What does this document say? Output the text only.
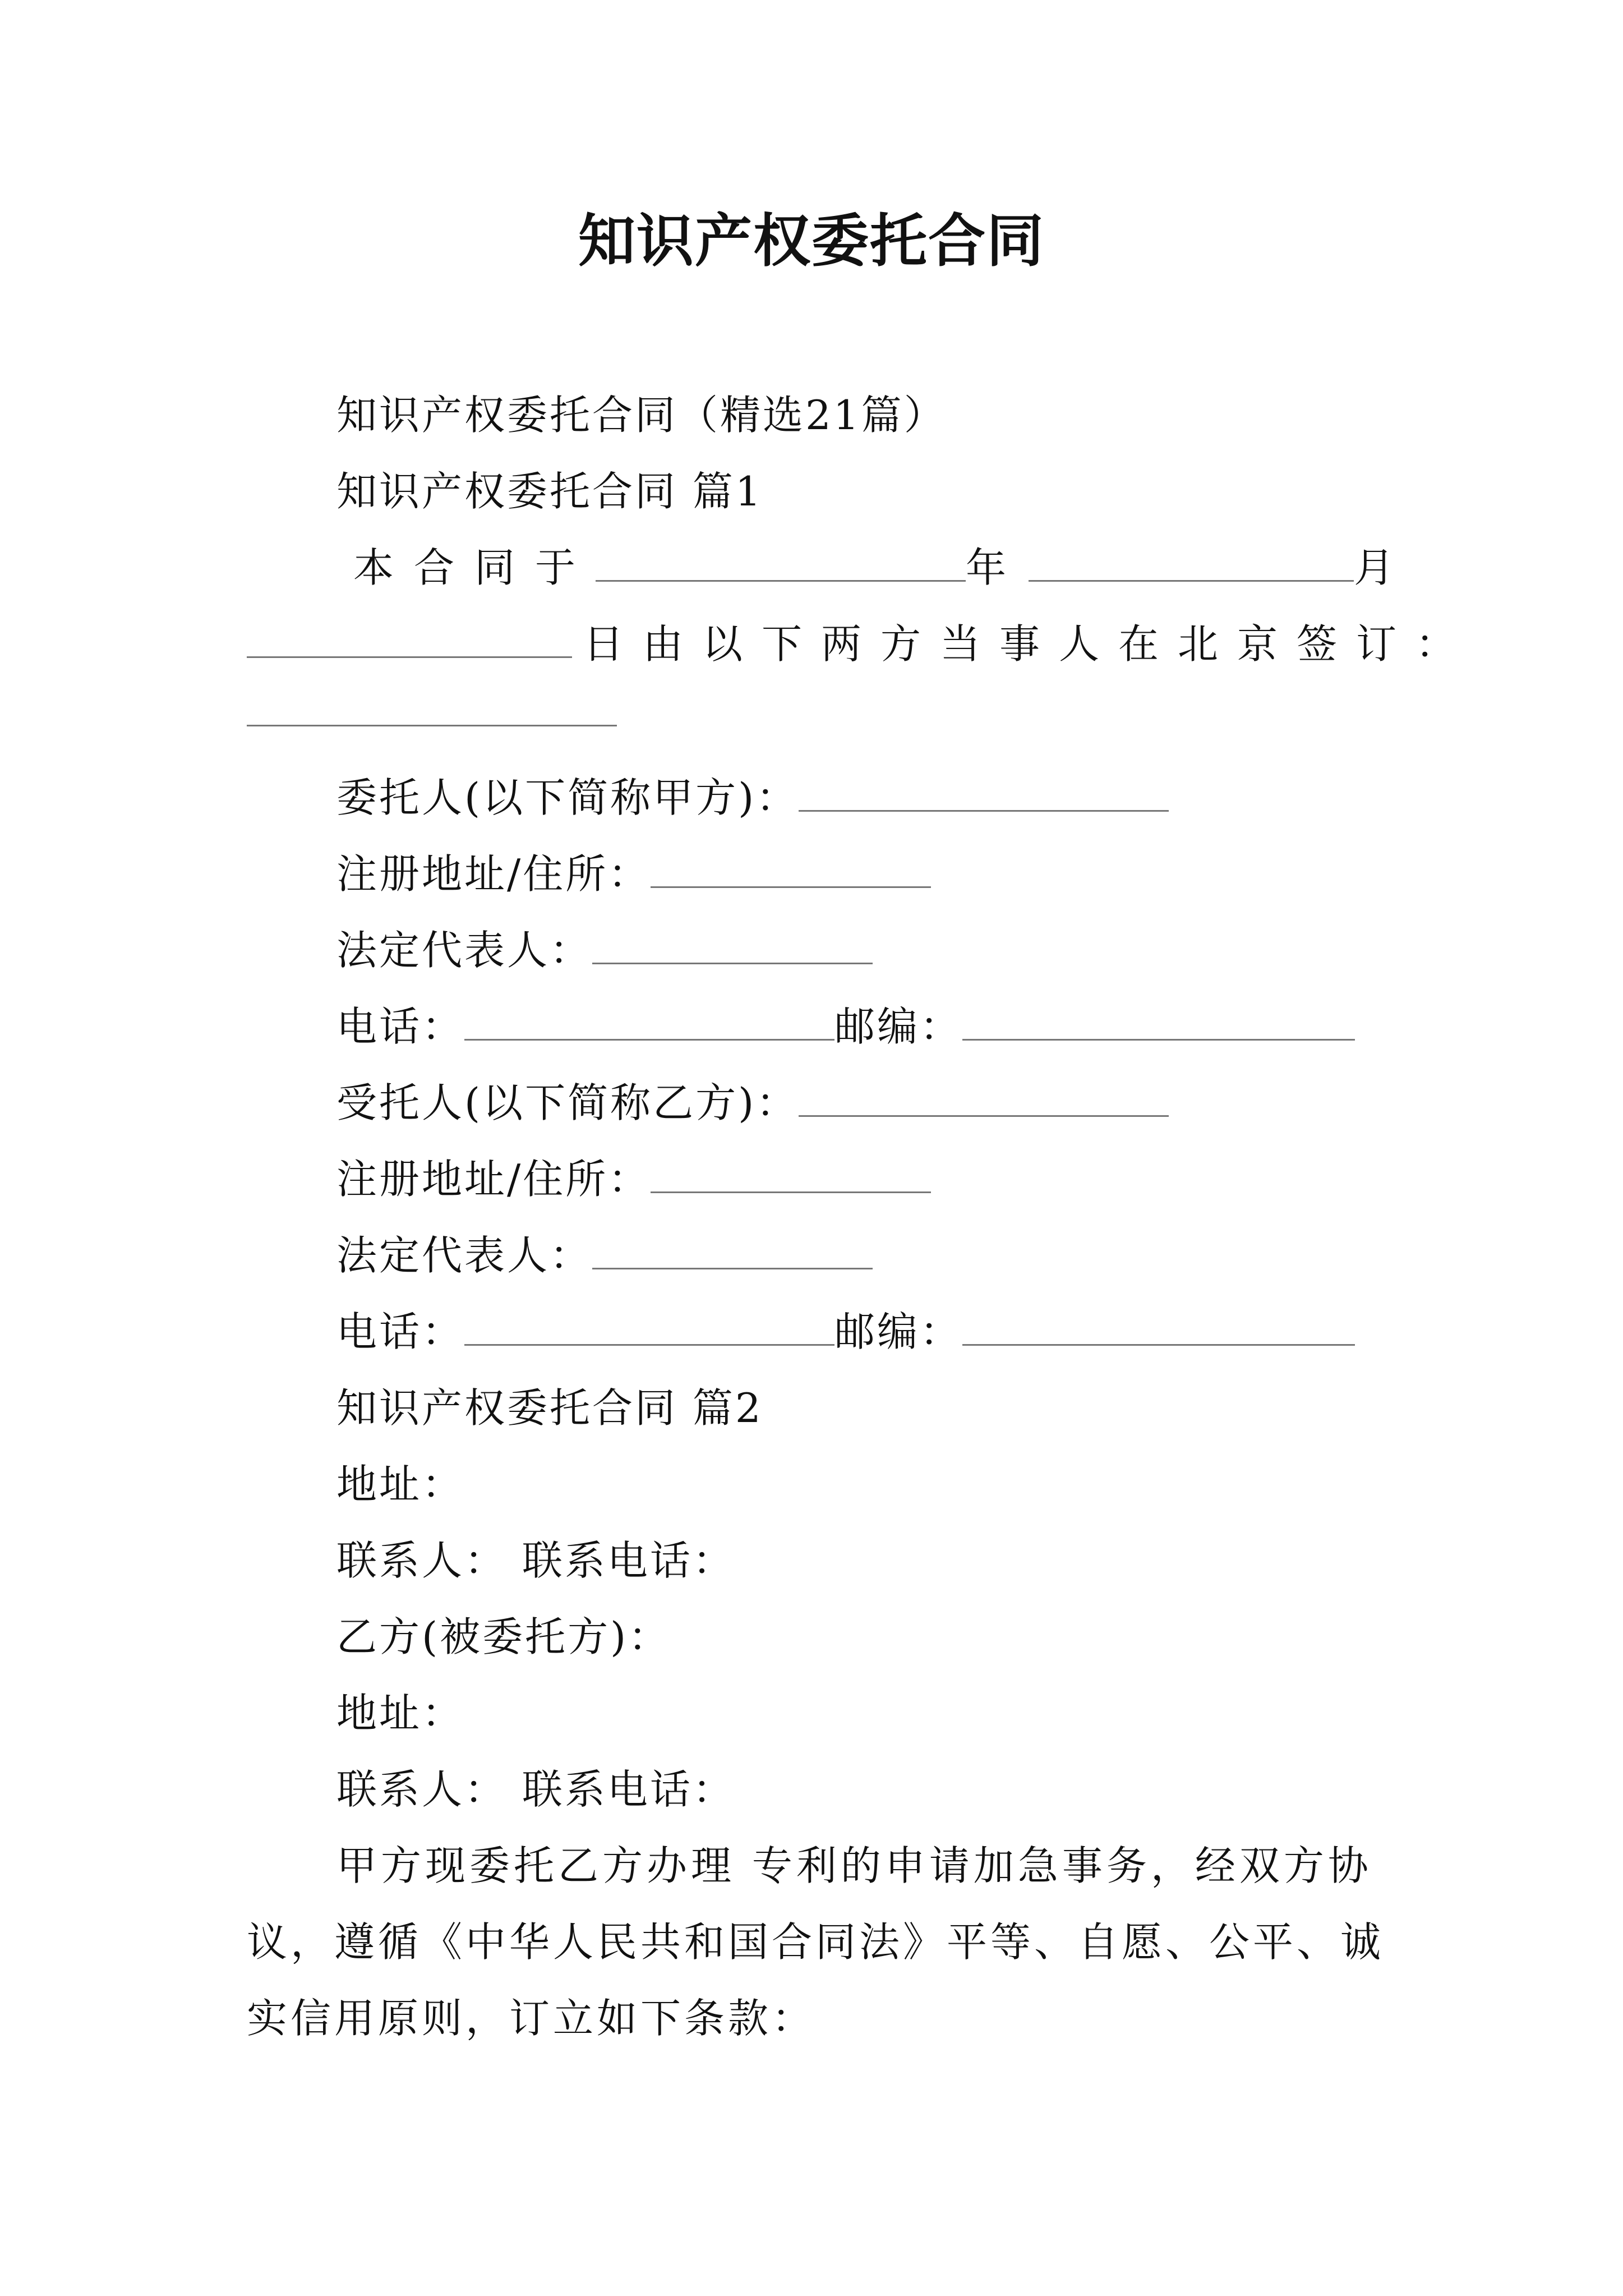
知识产权委托合同
知识产权委托合同（精选21篇）
知识产权委托合同 篇1
本合同于	年	月
日由以下两方当事人在北京签订：
委托人(以下简称甲方)：
注册地址/住所：
法定代表人：
电话：	邮编：
受托人(以下简称乙方)：
注册地址/住所：
法定代表人：
电话：	邮编：
知识产权委托合同 篇2
地址：
联系人： 联系电话：
乙方(被委托方)：
地址：
联系人： 联系电话：
甲方现委托乙方办理 专利的申请加急事务，经双方协
议，遵循《中华人民共和国合同法》平等、自愿、公平、诚
实信用原则，订立如下条款：
